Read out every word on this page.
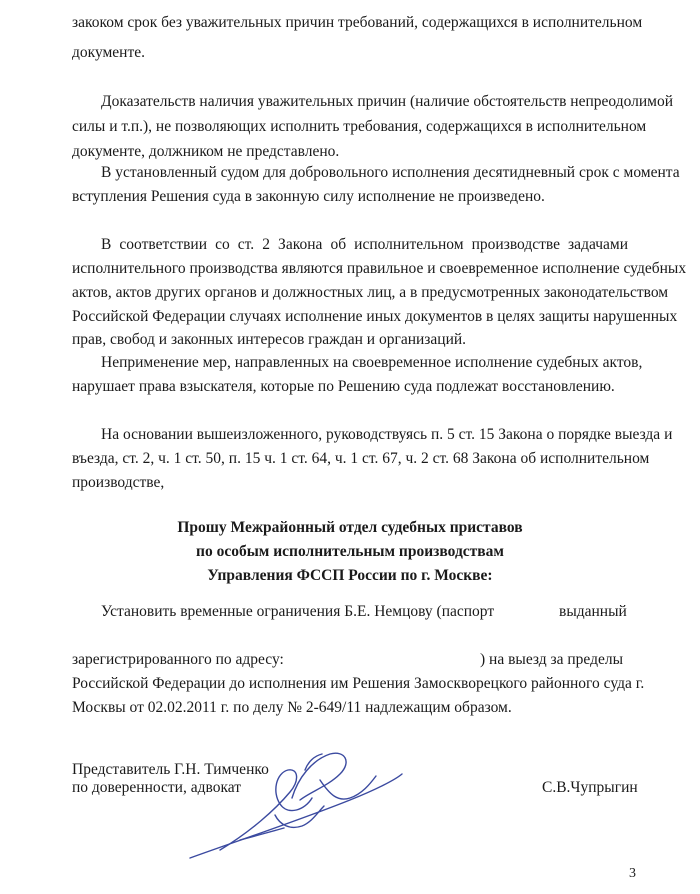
закоком срок без уважительных причин требований, содержащихся в исполнительном
документе.
Доказательств наличия уважительных причин (наличие обстоятельств непреодолимой
силы и т.п.), не позволяющих исполнить требования, содержащихся в исполнительном
документе, должником не представлено.
В установленный судом для добровольного исполнения десятидневный срок с момента
вступления Решения суда в законную силу исполнение не произведено.
В соответствии со ст. 2 Закона об исполнительном производстве задачами
исполнительного производства являются правильное и своевременное исполнение судебных
актов, актов других органов и должностных лиц, а в предусмотренных законодательством
Российской Федерации случаях исполнение иных документов в целях защиты нарушенных
прав, свобод и законных интересов граждан и организаций.
Неприменение мер, направленных на своевременное исполнение судебных актов,
нарушает права взыскателя, которые по Решению суда подлежат восстановлению.
На основании вышеизложенного, руководствуясь п. 5 ст. 15 Закона о порядке выезда и
въезда, ст. 2, ч. 1 ст. 50, п. 15 ч. 1 ст. 64, ч. 1 ст. 67, ч. 2 ст. 68 Закона об исполнительном
производстве,
Прошу Межрайонный отдел судебных приставов
по особым исполнительным производствам
Управления ФССП России по г. Москве:
Установить временные ограничения Б.Е. Немцову (паспорт	выданный
зарегистрированного по адресу:	) на выезд за пределы
Российской Федерации до исполнения им Решения Замоскворецкого районного суда г.
Москвы от 02.02.2011 г. по делу № 2-649/11 надлежащим образом.
Представитель Г.Н. Тимченко
по доверенности, адвокат	С.В.Чупрыгин
3
